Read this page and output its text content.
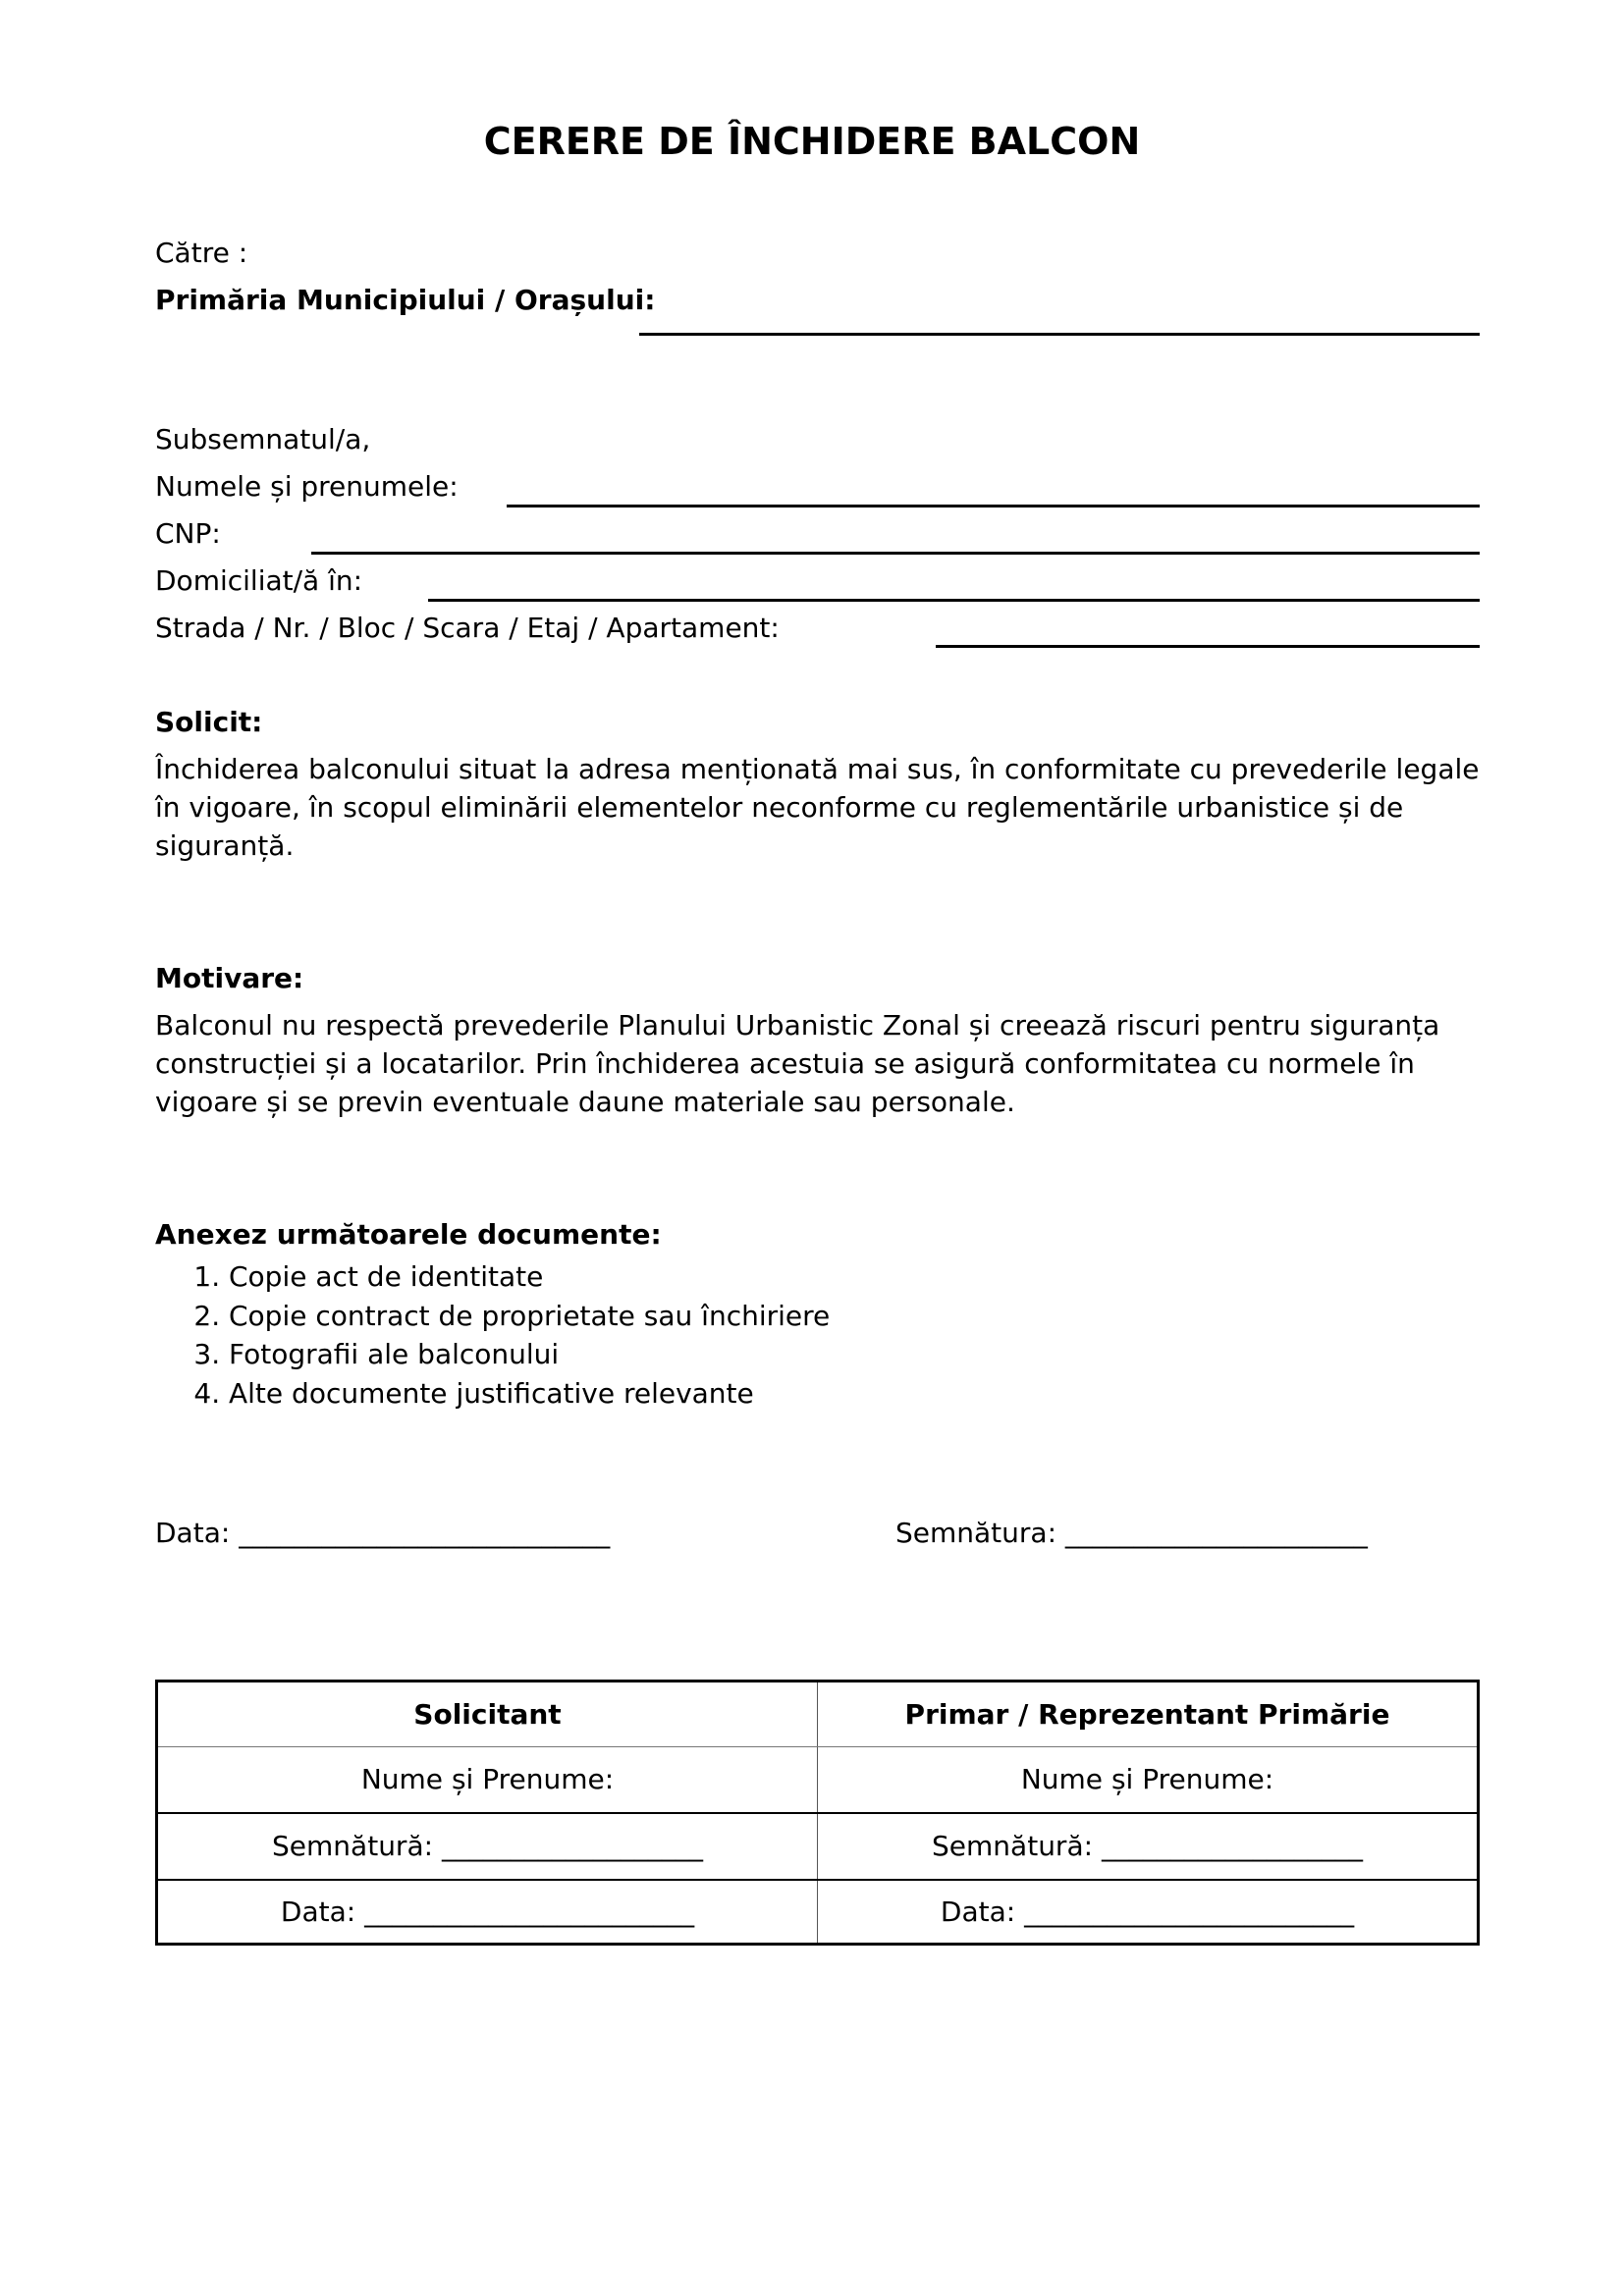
CERERE DE ÎNCHIDERE BALCON
Către :
Primăria Municipiului / Orașului:
Subsemnatul/a,
Numele și prenumele:
CNP:
Domiciliat/ă în:
Strada / Nr. / Bloc / Scara / Etaj / Apartament:
Solicit:
Închiderea balconului situat la adresa menționată mai sus, în conformitate cu prevederile legale în vigoare, în scopul eliminării elementelor neconforme cu reglementările urbanistice și de siguranță.
Motivare:
Balconul nu respectă prevederile Planului Urbanistic Zonal și creează riscuri pentru siguranța construcției și a locatarilor. Prin închiderea acestuia se asigură conformitatea cu normele în vigoare și se previn eventuale daune materiale sau personale.
Anexez următoarele documente:
1. Copie act de identitate
2. Copie contract de proprietate sau închiriere
3. Fotografii ale balconului
4. Alte documente justificative relevante
Data: ___________________________	Semnătura: ______________________
Solicitant	Primar / Reprezentant Primărie
Nume și Prenume:	Nume și Prenume:
Semnătură: ___________________	Semnătură: ___________________
Data: ________________________	Data: ________________________
